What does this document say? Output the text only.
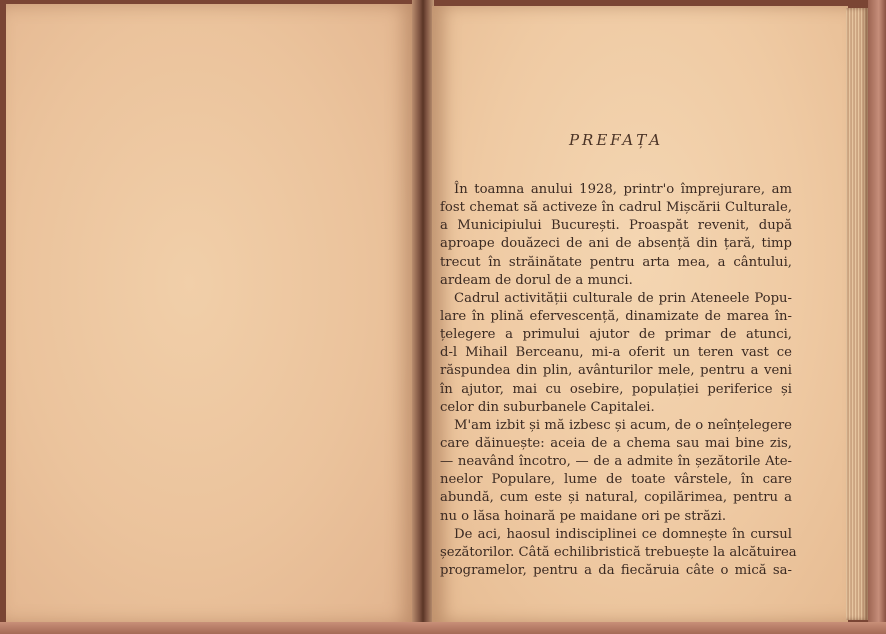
PREFAȚA
În toamna anului 1928, printr'o împrejurare, am
fost chemat să activeze în cadrul Mișcării Culturale,
a Municipiului București. Proaspăt revenit, după
aproape douăzeci de ani de absență din țară, timp
trecut în străinătate pentru arta mea, a cântului,
ardeam de dorul de a munci.
Cadrul activității culturale de prin Ateneele Popu-
lare în plină efervescență, dinamizate de marea în-
țelegere a primului ajutor de primar de atunci,
d-l Mihail Berceanu, mi-a oferit un teren vast ce
răspundea din plin, avânturilor mele, pentru a veni
în ajutor, mai cu osebire, populației periferice și
celor din suburbanele Capitalei.
M'am izbit și mă izbesc și acum, de o neînțelegere
care dăinuește: aceia de a chema sau mai bine zis,
— neavând încotro, — de a admite în șezătorile Ate-
neelor Populare, lume de toate vârstele, în care
abundă, cum este și natural, copilărimea, pentru a
nu o lăsa hoinară pe maidane ori pe străzi.
De aci, haosul indisciplinei ce domnește în cursul
șezătorilor. Câtă echilibristică trebuește la alcătuirea
programelor, pentru a da fiecăruia câte o mică sa-
